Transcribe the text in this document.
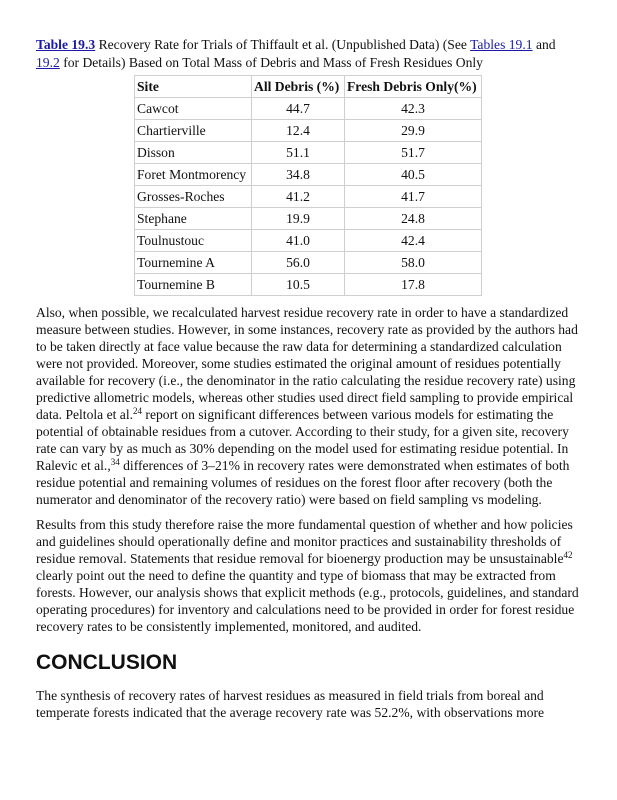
Table 19.3 Recovery Rate for Trials of Thiffault et al. (Unpublished Data) (See Tables 19.1 and 19.2 for Details) Based on Total Mass of Debris and Mass of Fresh Residues Only

Site	All Debris (%)	Fresh Debris Only(%)
Cawcot	44.7	42.3
Chartierville	12.4	29.9
Disson	51.1	51.7
Foret Montmorency	34.8	40.5
Grosses-Roches	41.2	41.7
Stephane	19.9	24.8
Toulnustouc	41.0	42.4
Tournemine A	56.0	58.0
Tournemine B	10.5	17.8

Also, when possible, we recalculated harvest residue recovery rate in order to have a standardized measure between studies. However, in some instances, recovery rate as provided by the authors had to be taken directly at face value because the raw data for determining a standardized calculation were not provided. Moreover, some studies estimated the original amount of residues potentially available for recovery (i.e., the denominator in the ratio calculating the residue recovery rate) using predictive allometric models, whereas other studies used direct field sampling to provide empirical data. Peltola et al.$^{24}$ report on significant differences between various models for estimating the potential of obtainable residues from a cutover. According to their study, for a given site, recovery rate can vary by as much as 30% depending on the model used for estimating residue potential. In Ralevic et al.,$^{34}$ differences of 3–21% in recovery rates were demonstrated when estimates of both residue potential and remaining volumes of residues on the forest floor after recovery (both the numerator and denominator of the recovery ratio) were based on field sampling vs modeling.

Results from this study therefore raise the more fundamental question of whether and how policies and guidelines should operationally define and monitor practices and sustainability thresholds of residue removal. Statements that residue removal for bioenergy production may be unsustainable$^{42}$ clearly point out the need to define the quantity and type of biomass that may be extracted from forests. However, our analysis shows that explicit methods (e.g., protocols, guidelines, and standard operating procedures) for inventory and calculations need to be provided in order for forest residue recovery rates to be consistently implemented, monitored, and audited.

CONCLUSION

The synthesis of recovery rates of harvest residues as measured in field trials from boreal and temperate forests indicated that the average recovery rate was 52.2%, with observations more
